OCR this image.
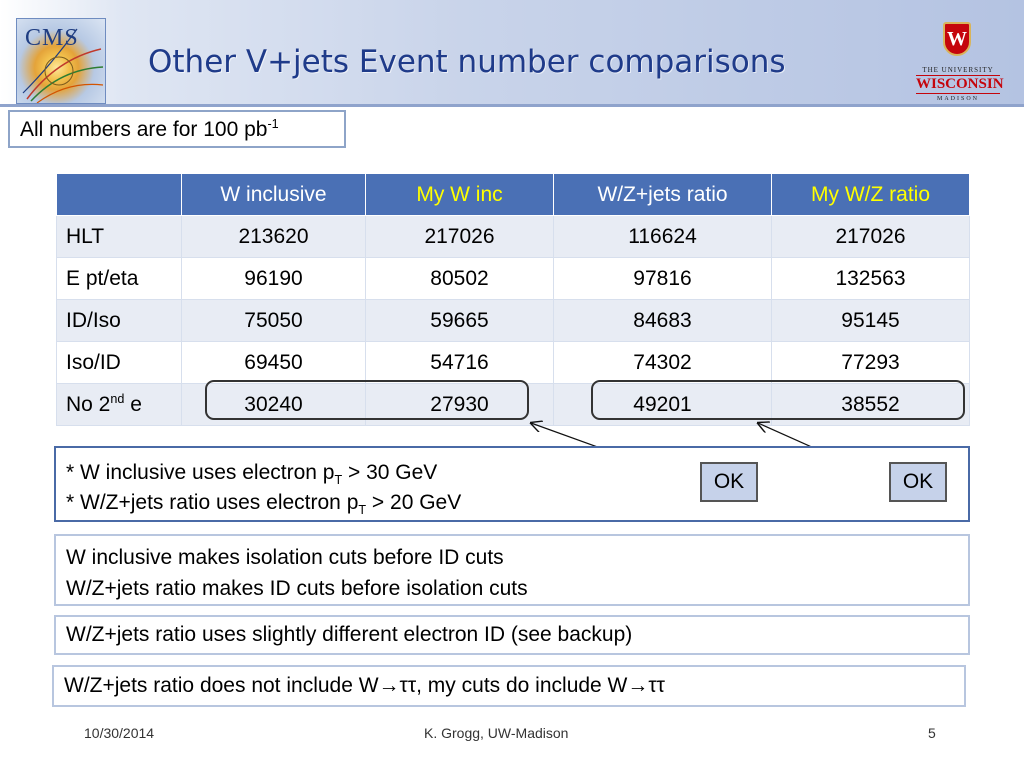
CMS
Other V+jets Event number comparisons
W
THE UNIVERSITY
WISCONSIN
MADISON
All numbers are for 100 $pb^{-1}$
	W inclusive	My W inc	W/Z+jets ratio	My W/Z ratio
HLT	213620	217026	116624	217026
E pt/eta	96190	80502	97816	132563
ID/Iso	75050	59665	84683	95145
Iso/ID	69450	54716	74302	77293
No 2nd e	30240	27930	49201	38552
* W inclusive uses electron $p_T > 30$ GeV
* W/Z+jets ratio uses electron $p_T > 20$ GeV
OK	OK
W inclusive makes isolation cuts before ID cuts
W/Z+jets ratio makes ID cuts before isolation cuts
W/Z+jets ratio uses slightly different electron ID (see backup)
W/Z+jets ratio does not include W→ττ, my cuts do include W→ττ
10/30/2014	K. Grogg, UW-Madison	5
